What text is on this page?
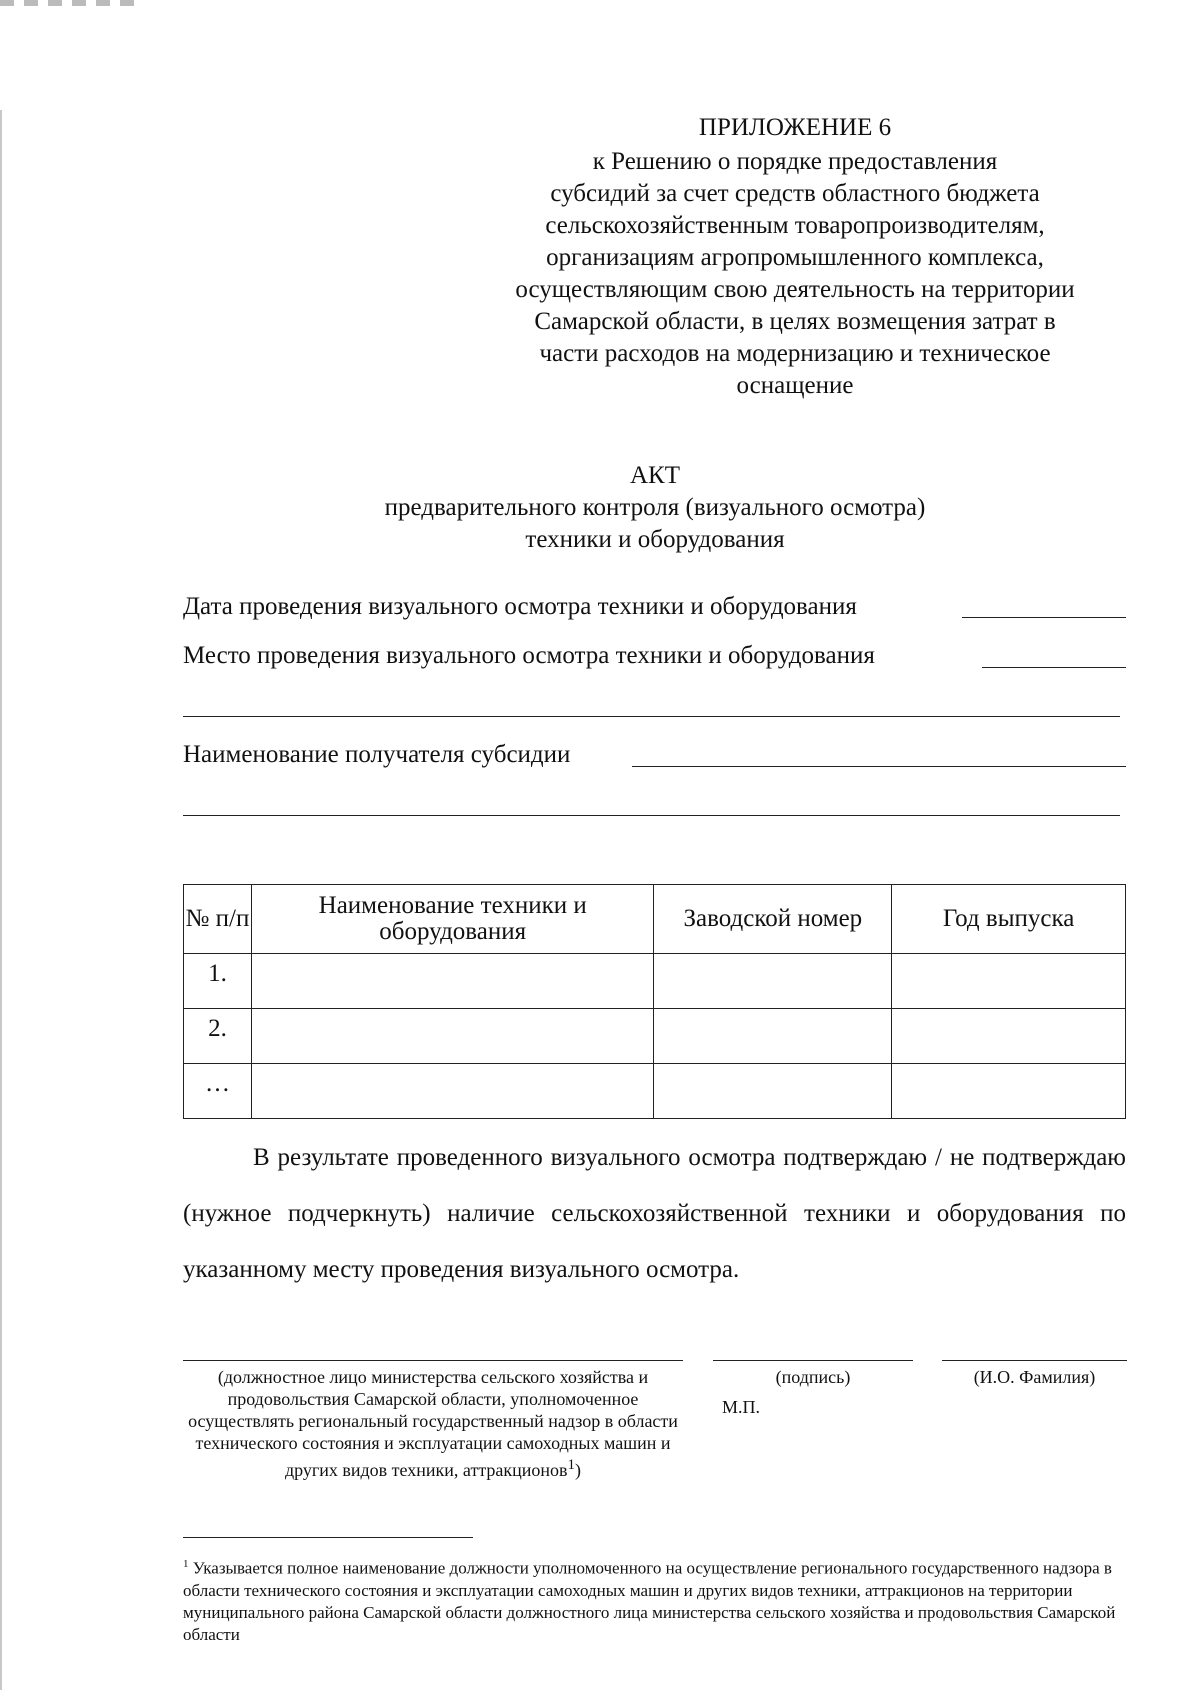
ПРИЛОЖЕНИЕ 6
к Решению о порядке предоставления
субсидий за счет средств областного бюджета
сельскохозяйственным товаропроизводителям,
организациям агропромышленного комплекса,
осуществляющим свою деятельность на территории
Самарской области, в целях возмещения затрат в
части расходов на модернизацию и техническое
оснащение
АКТ
предварительного контроля (визуального осмотра)
техники и оборудования
Дата проведения визуального осмотра техники и оборудования
Место проведения визуального осмотра техники и оборудования
Наименование получателя субсидии
№ п/п	Наименование техники и оборудования	Заводской номер	Год выпуска
1.			
2.			
…			
В результате проведенного визуального осмотра подтверждаю / не подтверждаю (нужное подчеркнуть) наличие сельскохозяйственной техники и оборудования по указанному месту проведения визуального осмотра.
(должностное лицо министерства сельского хозяйства и продовольствия Самарской области, уполномоченное осуществлять региональный государственный надзор в области технического состояния и эксплуатации самоходных машин и других видов техники, аттракционов$^1$)
(подпись)	(И.О. Фамилия)
М.П.
$^1$ Указывается полное наименование должности уполномоченного на осуществление регионального государственного надзора в области технического состояния и эксплуатации самоходных машин и других видов техники, аттракционов на территории муниципального района Самарской области должностного лица министерства сельского хозяйства и продовольствия Самарской области
